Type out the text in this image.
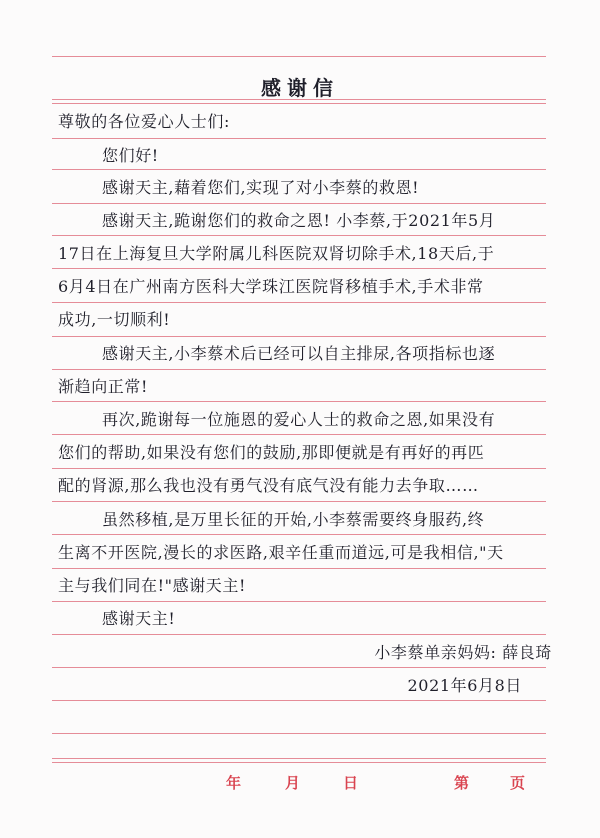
感谢信
尊敬的各位爱心人士们:
您们好!
感谢天主,藉着您们,实现了对小李蔡的救恩!
感谢天主,跪谢您们的救命之恩! 小李蔡,于2021年5月
17日在上海复旦大学附属儿科医院双肾切除手术,18天后,于
6月4日在广州南方医科大学珠江医院肾移植手术,手术非常
成功,一切顺利!
感谢天主,小李蔡术后已经可以自主排尿,各项指标也逐
渐趋向正常!
再次,跪谢每一位施恩的爱心人士的救命之恩,如果没有
您们的帮助,如果没有您们的鼓励,那即便就是有再好的再匹
配的肾源,那么我也没有勇气没有底气没有能力去争取……
虽然移植,是万里长征的开始,小李蔡需要终身服药,终
生离不开医院,漫长的求医路,艰辛任重而道远,可是我相信,"天
主与我们同在!"感谢天主!
感谢天主!
小李蔡单亲妈妈: 薛良琦
2021年6月8日
年	月	日	第	页
